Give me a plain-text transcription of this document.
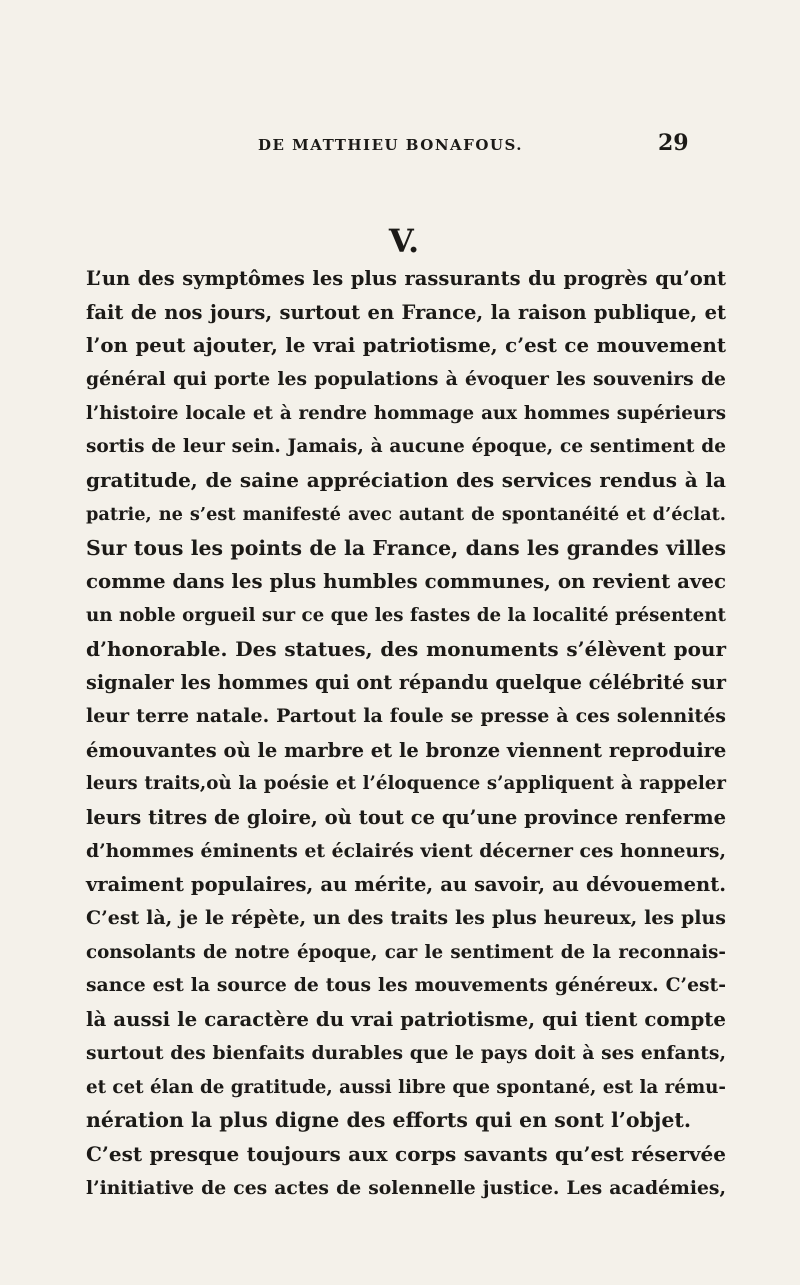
DE MATTHIEU BONAFOUS.	29
V.
L’un des symptômes les plus rassurants du progrès qu’ont
fait de nos jours, surtout en France, la raison publique, et
l’on peut ajouter, le vrai patriotisme, c’est ce mouvement
général qui porte les populations à évoquer les souvenirs de
l’histoire locale et à rendre hommage aux hommes supérieurs
sortis de leur sein. Jamais, à aucune époque, ce sentiment de
gratitude, de saine appréciation des services rendus à la
patrie, ne s’est manifesté avec autant de spontanéité et d’éclat.
Sur tous les points de la France, dans les grandes villes
comme dans les plus humbles communes, on revient avec
un noble orgueil sur ce que les fastes de la localité présentent
d’honorable. Des statues, des monuments s’élèvent pour
signaler les hommes qui ont répandu quelque célébrité sur
leur terre natale. Partout la foule se presse à ces solennités
émouvantes où le marbre et le bronze viennent reproduire
leurs traits,où la poésie et l’éloquence s’appliquent à rappeler
leurs titres de gloire, où tout ce qu’une province renferme
d’hommes éminents et éclairés vient décerner ces honneurs,
vraiment populaires, au mérite, au savoir, au dévouement.
C’est là, je le répète, un des traits les plus heureux, les plus
consolants de notre époque, car le sentiment de la reconnais-
sance est la source de tous les mouvements généreux. C’est-
là aussi le caractère du vrai patriotisme, qui tient compte
surtout des bienfaits durables que le pays doit à ses enfants,
et cet élan de gratitude, aussi libre que spontané, est la rému-
nération la plus digne des efforts qui en sont l’objet.
C’est presque toujours aux corps savants qu’est réservée
l’initiative de ces actes de solennelle justice. Les académies,
